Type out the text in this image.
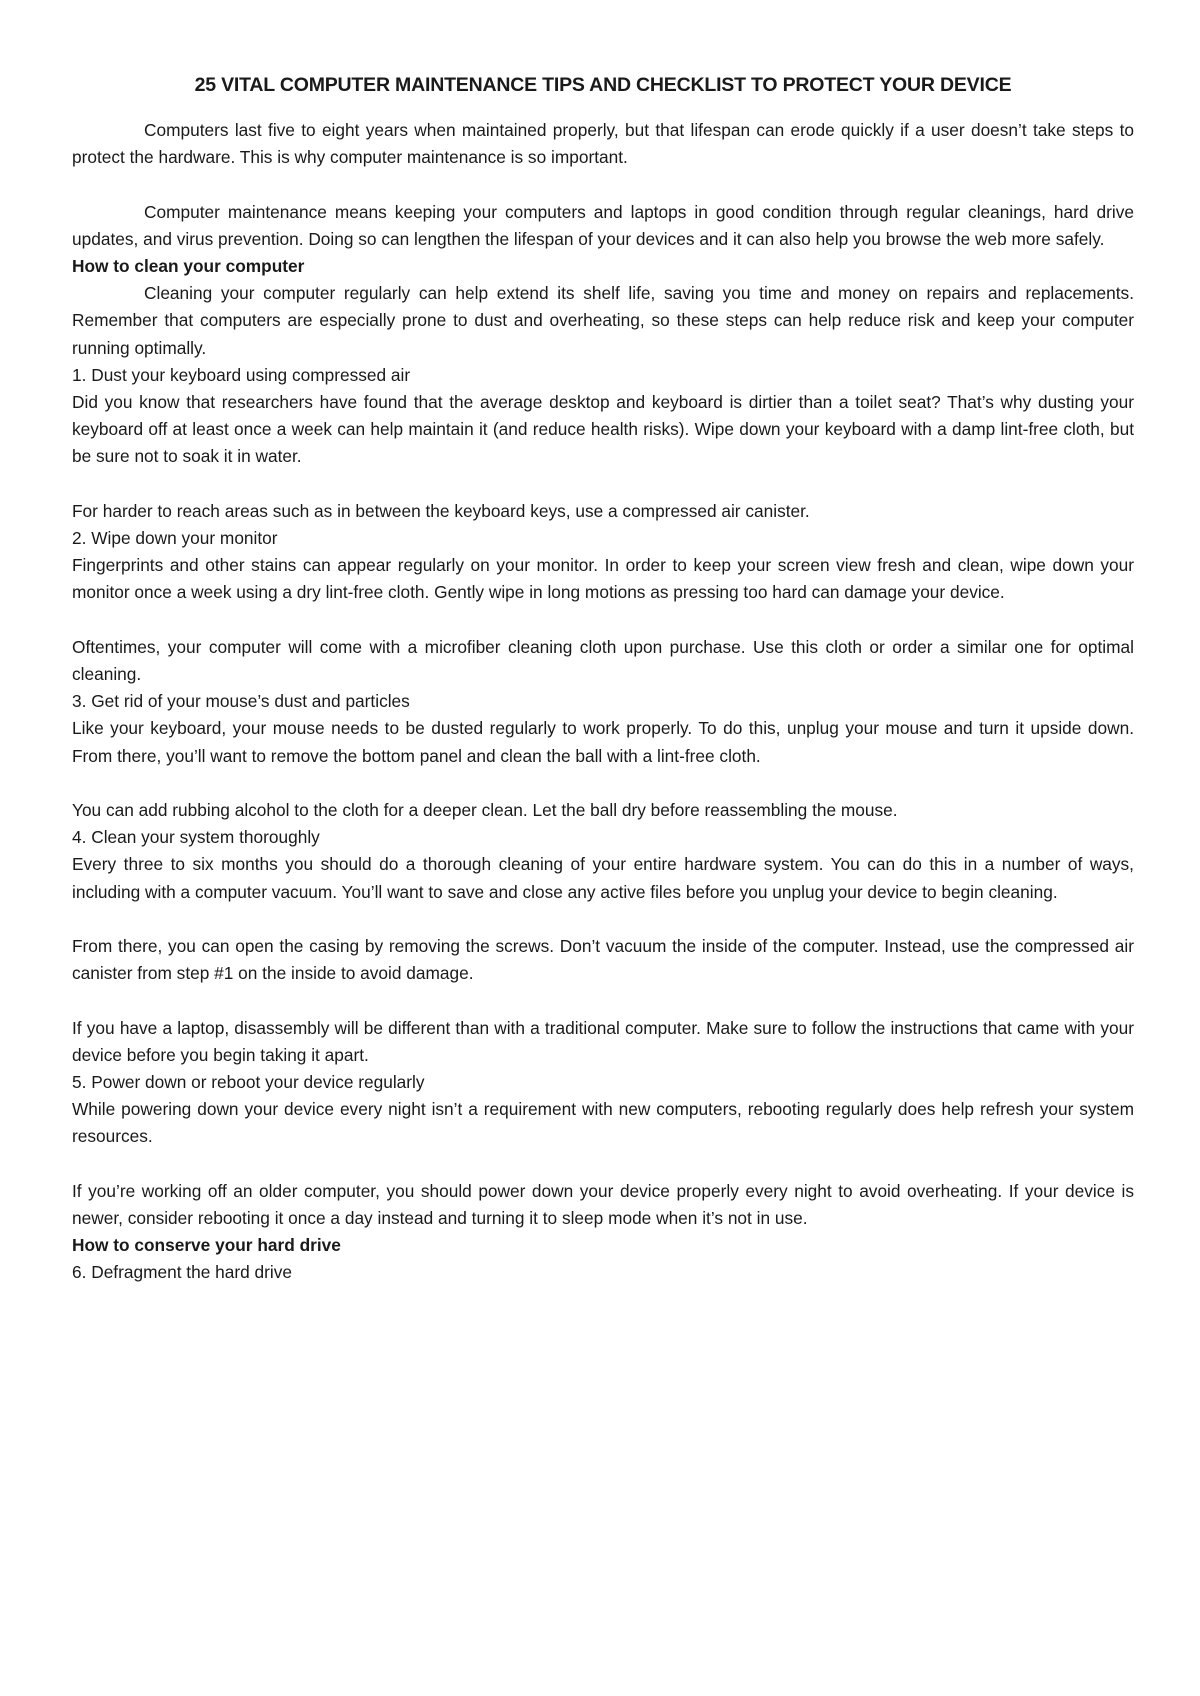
25 VITAL COMPUTER MAINTENANCE TIPS AND CHECKLIST TO PROTECT YOUR DEVICE

Computers last five to eight years when maintained properly, but that lifespan can erode quickly if a user doesn’t take steps to protect the hardware. This is why computer maintenance is so important.

Computer maintenance means keeping your computers and laptops in good condition through regular cleanings, hard drive updates, and virus prevention. Doing so can lengthen the lifespan of your devices and it can also help you browse the web more safely.

How to clean your computer

Cleaning your computer regularly can help extend its shelf life, saving you time and money on repairs and replacements. Remember that computers are especially prone to dust and overheating, so these steps can help reduce risk and keep your computer running optimally.

1. Dust your keyboard using compressed air

Did you know that researchers have found that the average desktop and keyboard is dirtier than a toilet seat? That’s why dusting your keyboard off at least once a week can help maintain it (and reduce health risks). Wipe down your keyboard with a damp lint-free cloth, but be sure not to soak it in water.

For harder to reach areas such as in between the keyboard keys, use a compressed air canister.

2. Wipe down your monitor

Fingerprints and other stains can appear regularly on your monitor. In order to keep your screen view fresh and clean, wipe down your monitor once a week using a dry lint-free cloth. Gently wipe in long motions as pressing too hard can damage your device.

Oftentimes, your computer will come with a microfiber cleaning cloth upon purchase. Use this cloth or order a similar one for optimal cleaning.

3. Get rid of your mouse’s dust and particles

Like your keyboard, your mouse needs to be dusted regularly to work properly. To do this, unplug your mouse and turn it upside down. From there, you’ll want to remove the bottom panel and clean the ball with a lint-free cloth.

You can add rubbing alcohol to the cloth for a deeper clean. Let the ball dry before reassembling the mouse.

4. Clean your system thoroughly

Every three to six months you should do a thorough cleaning of your entire hardware system. You can do this in a number of ways, including with a computer vacuum. You’ll want to save and close any active files before you unplug your device to begin cleaning.

From there, you can open the casing by removing the screws. Don’t vacuum the inside of the computer. Instead, use the compressed air canister from step #1 on the inside to avoid damage.

If you have a laptop, disassembly will be different than with a traditional computer. Make sure to follow the instructions that came with your device before you begin taking it apart.

5. Power down or reboot your device regularly

While powering down your device every night isn’t a requirement with new computers, rebooting regularly does help refresh your system resources.

If you’re working off an older computer, you should power down your device properly every night to avoid overheating. If your device is newer, consider rebooting it once a day instead and turning it to sleep mode when it’s not in use.

How to conserve your hard drive
6. Defragment the hard drive
